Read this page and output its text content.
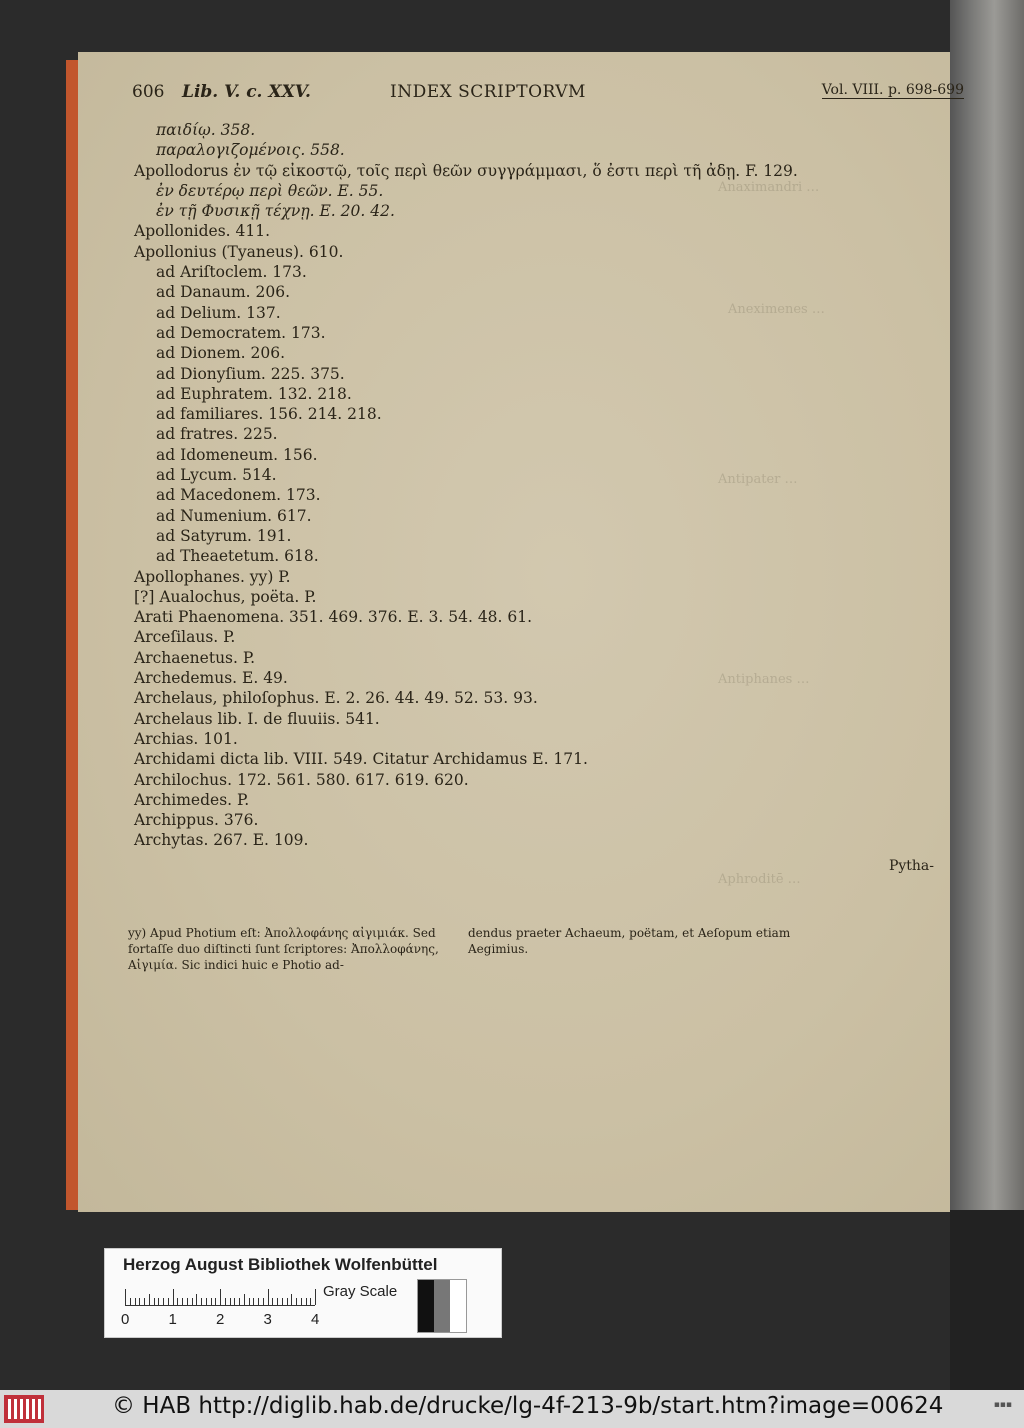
Anaximandri …
Aneximenes …
Antipater …
Antiphanes …
Aphroditē …
606 Lib. V. c. XXV.	INDEX SCRIPTORVM	Vol. VIII. p. 698-699
παιδίῳ. 358.
παραλογιζομένοις. 558.
Apollodorus ἐν τῷ εἰκοστῷ, τοῖς περὶ θεῶν συγγράμμασι, ὅ ἐστι περὶ τῆ ἀδῃ. F. 129.
ἐν δευτέρῳ περὶ θεῶν. E. 55.
ἐν τῇ Φυσικῇ τέχνῃ. E. 20. 42.
Apollonides. 411.
Apollonius (Tyaneus). 610.
ad Ariſtoclem. 173.
ad Danaum. 206.
ad Delium. 137.
ad Democratem. 173.
ad Dionem. 206.
ad Dionyſium. 225. 375.
ad Euphratem. 132. 218.
ad familiares. 156. 214. 218.
ad fratres. 225.
ad Idomeneum. 156.
ad Lycum. 514.
ad Macedonem. 173.
ad Numenium. 617.
ad Satyrum. 191.
ad Theaetetum. 618.
Apollophanes. yy) P.
[?] Aualochus, poëta. P.
Arati Phaenomena. 351. 469. 376. E. 3. 54. 48. 61.
Arceſilaus. P.
Archaenetus. P.
Archedemus. E. 49.
Archelaus, philoſophus. E. 2. 26. 44. 49. 52. 53. 93.
Archelaus lib. I. de fluuiis. 541.
Archias. 101.
Archidami dicta lib. VIII. 549. Citatur Archidamus E. 171.
Archilochus. 172. 561. 580. 617. 619. 620.
Archimedes. P.
Archippus. 376.
Archytas. 267. E. 109.
Pytha-
yy) Apud Photium eſt: Ἀπολλοφάνης αἰγιμιάκ. Sed fortaſſe duo diſtincti ſunt ſcriptores: Ἀπολλοφάνης, Αἰγιμία. Sic indici huic e Photio ad-
dendus praeter Achaeum, poëtam, et Aeſopum etiam Aegimius.
Herzog August Bibliothek Wolfenbüttel
0	1	2	3	4
Gray Scale
© HAB http://diglib.hab.de/drucke/lg-4f-213-9b/start.htm?image=00624	▪▪▪
